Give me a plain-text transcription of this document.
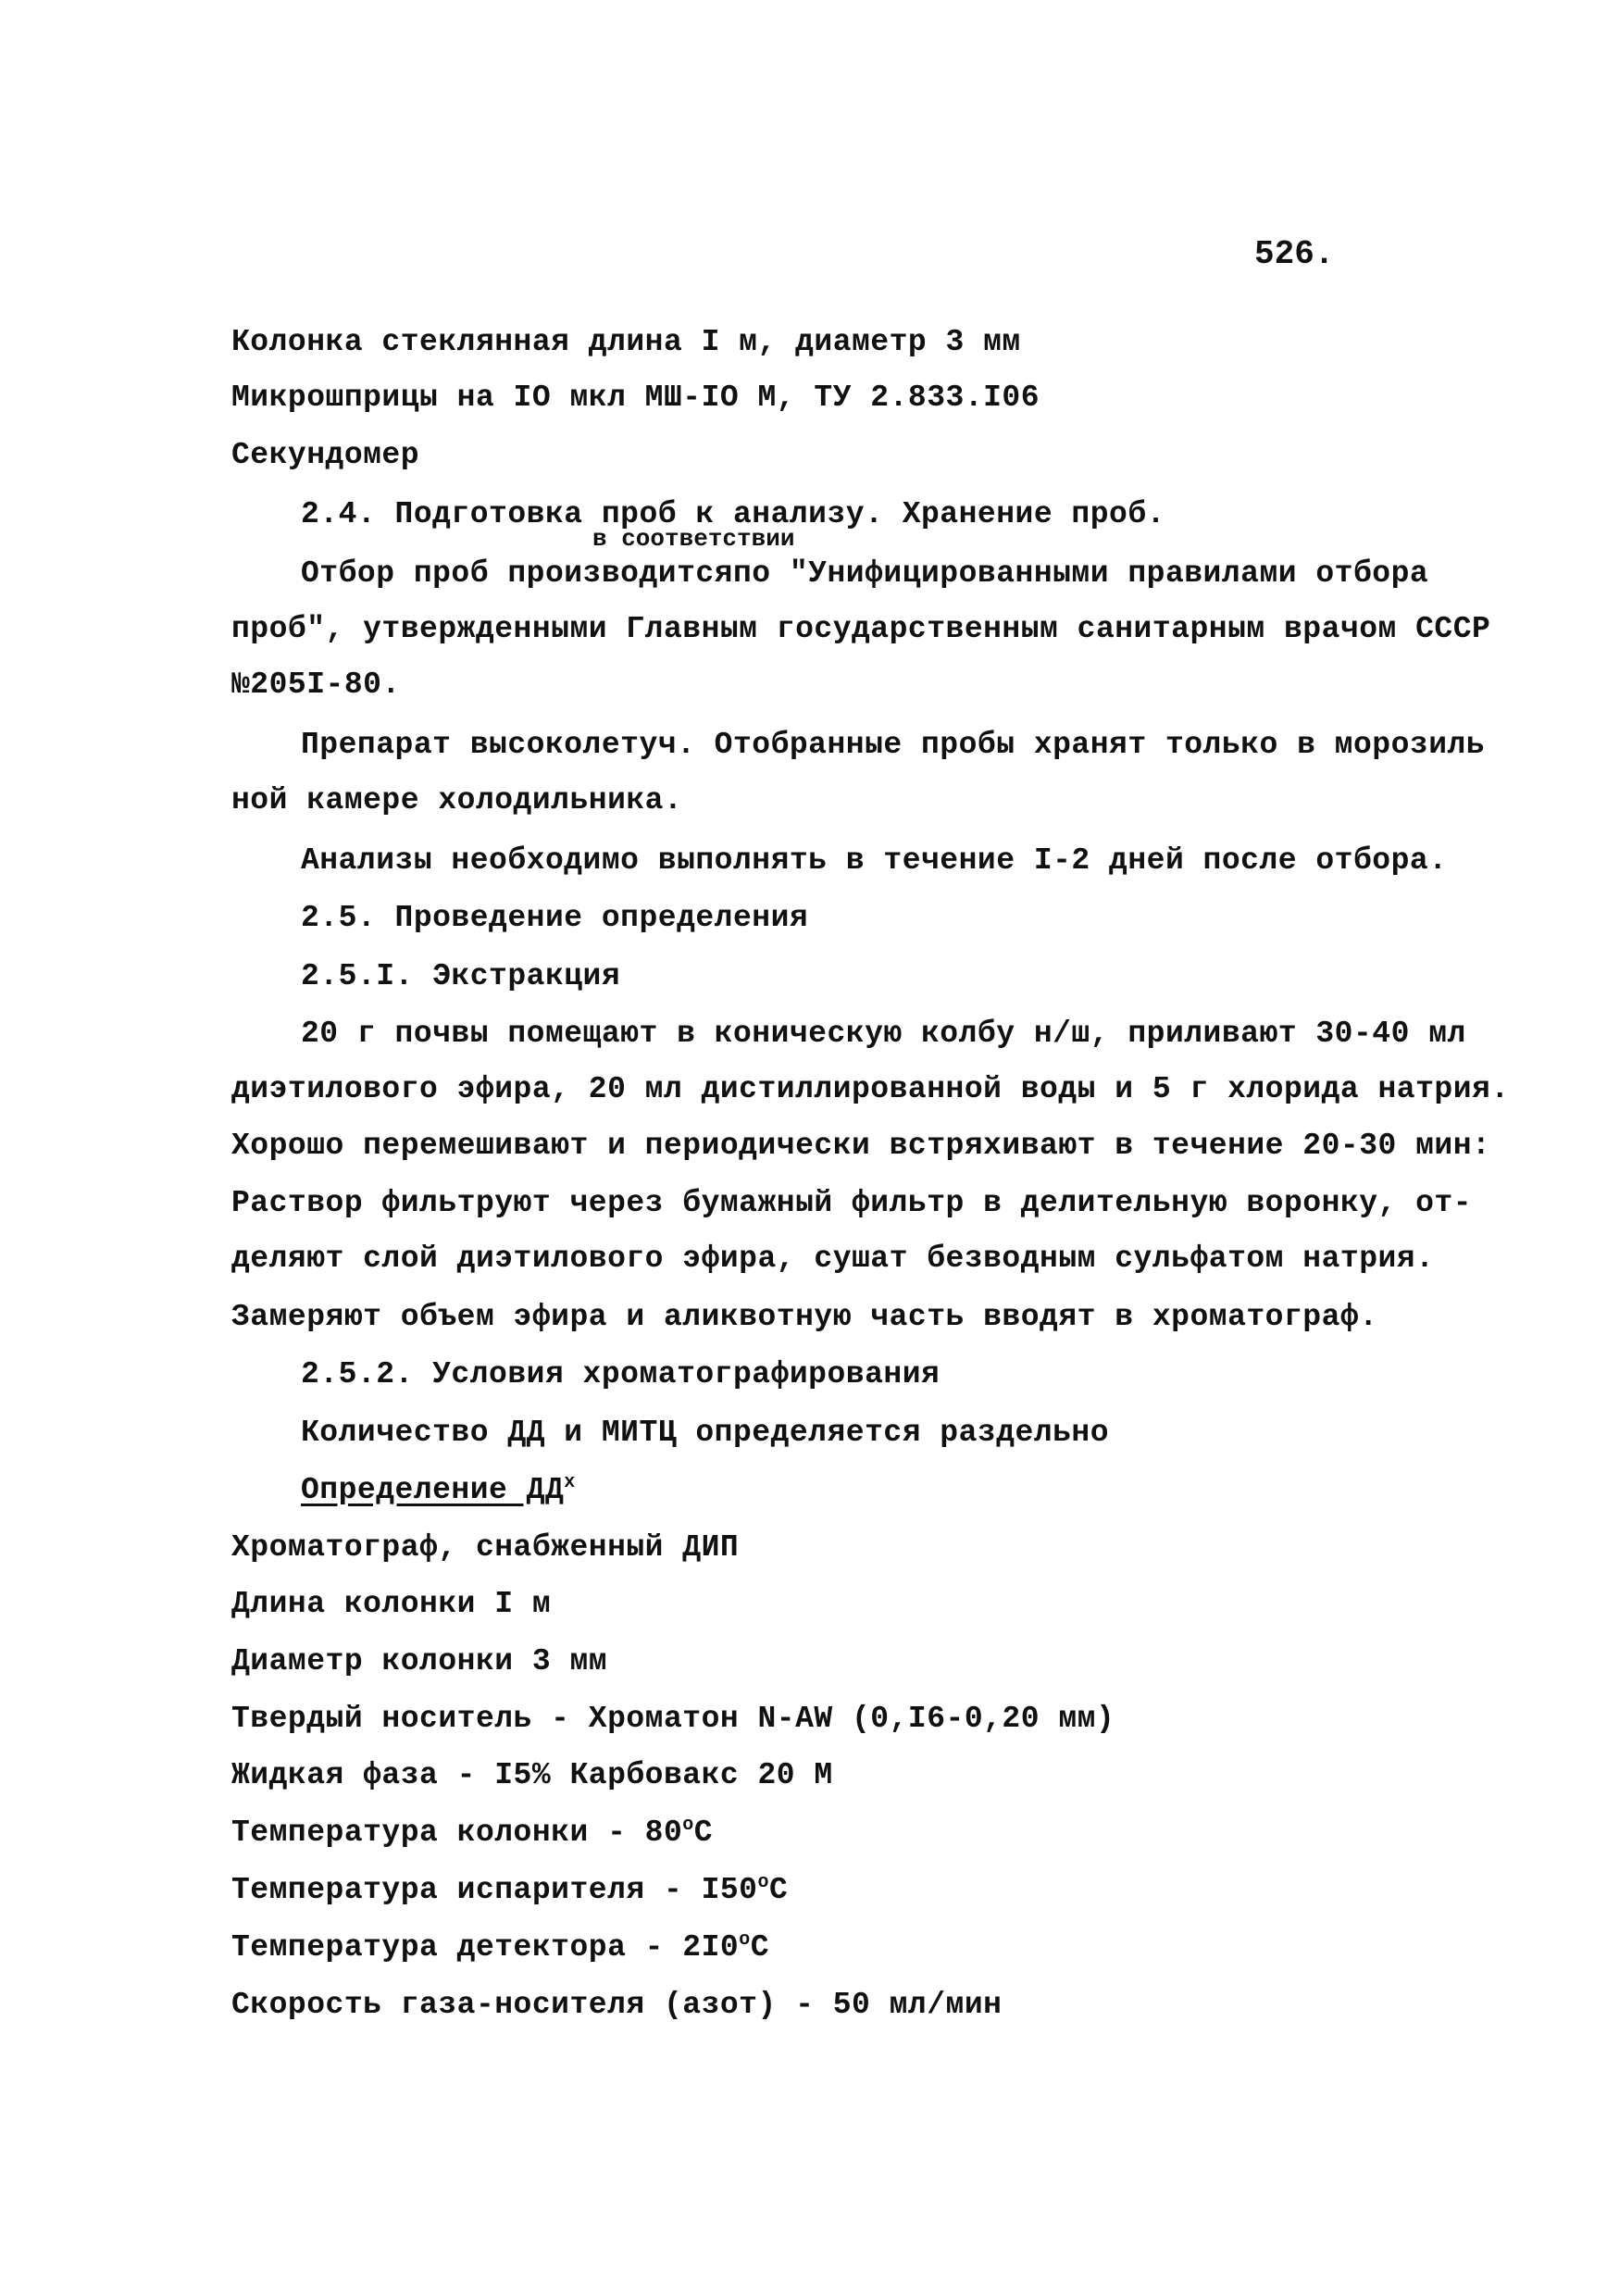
526.
Колонка стеклянная длина I м, диаметр 3 мм
Микрошприцы на IO мкл МШ-IO М, ТУ 2.833.I06
Секундомер
2.4. Подготовка проб к анализу. Хранение проб.
в соответствии
Отбор проб производитсяпо "Унифицированными правилами отбора
проб", утвержденными Главным государственным санитарным врачом СССР
№205I-80.
Препарат высоколетуч. Отобранные пробы хранят только в морозиль
ной камере холодильника.
Анализы необходимо выполнять в течение I-2 дней после отбора.
2.5. Проведение определения
2.5.I. Экстракция
20 г почвы помещают в коническую колбу н/ш, приливают 30-40 мл
диэтилового эфира, 20 мл дистиллированной воды и 5 г хлорида натрия.
Хорошо перемешивают и периодически встряхивают в течение 20-30 мин:
Раствор фильтруют через бумажный фильтр в делительную воронку, от-
деляют слой диэтилового эфира, сушат безводным сульфатом натрия.
Замеряют объем эфира и аликвотную часть вводят в хроматограф.
2.5.2. Условия хроматографирования
Количество ДД и МИТЦ определяется раздельно
Определение $ДД^x$
Хроматограф, снабженный ДИП
Длина колонки I м
Диаметр колонки 3 мм
Твердый носитель - Хроматон N-AW (0,I6-0,20 мм)
Жидкая фаза - I5% Карбовакс 20 М
Температура колонки - $80^оС$
Температура испарителя - $I50^оС$
Температура детектора - $2I0^оС$
Скорость газа-носителя (азот) - 50 мл/мин
